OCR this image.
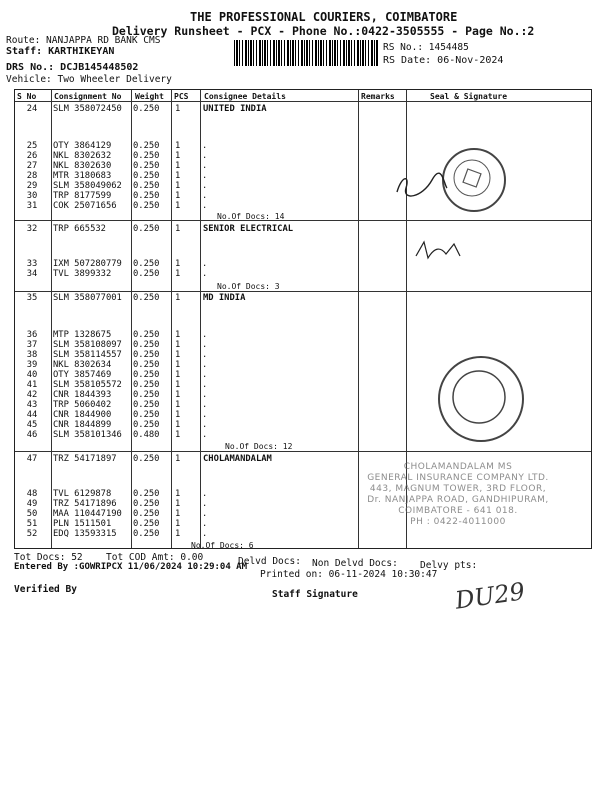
THE PROFESSIONAL COURIERS, COIMBATORE
Delivery Runsheet - PCX - Phone No.:0422-3505555 - Page No.:2
Route: NANJAPPA RD BANK CMS
Staff: KARTHIKEYAN
DRS No.: DCJB145448502
Vehicle: Two Wheeler Delivery
RS No.: 1454485
RS Date: 06-Nov-2024
S No Consignment No Weight PCS Consignee Details	Remarks	Seal & Signature
24	SLM 358072450 0.250 1	UNITED INDIA
25	OTY 3864129 0.250 1 .
26	NKL 8302632 0.250 1 .
27	NKL 8302630 0.250 1 .
28	MTR 3180683 0.250 1 .
29	SLM 358049062 0.250 1 .
30	TRP 8177599 0.250 1 .
31	COK 25071656 0.250 1 .
No.Of Docs: 14
32	TRP 665532	0.250 1	SENIOR ELECTRICAL
33	IXM 507280779 0.250 1 .
34	TVL 3899332 0.250 1 .
No.Of Docs: 3
35	SLM 358077001 0.250 1	MD INDIA
36	MTP 1328675 0.250 1 .
37	SLM 358108097 0.250 1 .
38	SLM 358114557 0.250 1 .
39	NKL 8302634 0.250 1 .
40	OTY 3857469 0.250 1 .
41	SLM 358105572 0.250 1 .
42	CNR 1844393 0.250 1 .
43	TRP 5060402 0.250 1 .
44	CNR 1844900 0.250 1 .
45	CNR 1844899 0.250 1 .
46	SLM 358101346 0.480 1 .
No.Of Docs: 12
47	TRZ 54171897 0.250 1	CHOLAMANDALAM
48	TVL 6129878 0.250 1 .
49	TRZ 54171896 0.250 1 .
50	MAA 110447190 0.250 1 .
51	PLN 1511501 0.250 1 .
52	EDQ 13593315 0.250 1 .
No.Of Docs: 6
CHOLAMANDALAM MS
GENERAL INSURANCE COMPANY LTD.
443, MAGNUM TOWER, 3RD FLOOR,
Dr. NANJAPPA ROAD, GANDHIPURAM,
COIMBATORE - 641 018.
PH : 0422-4011000
Tot Docs: 52 Tot COD Amt: 0.00	Delvd Docs: Non Delvd Docs: Delvy pts:
Entered By :GOWRIPCX 11/06/2024 10:29:04 AM
Printed on: 06-11-2024 10:30:47
Verified By	Staff Signature	DU29
